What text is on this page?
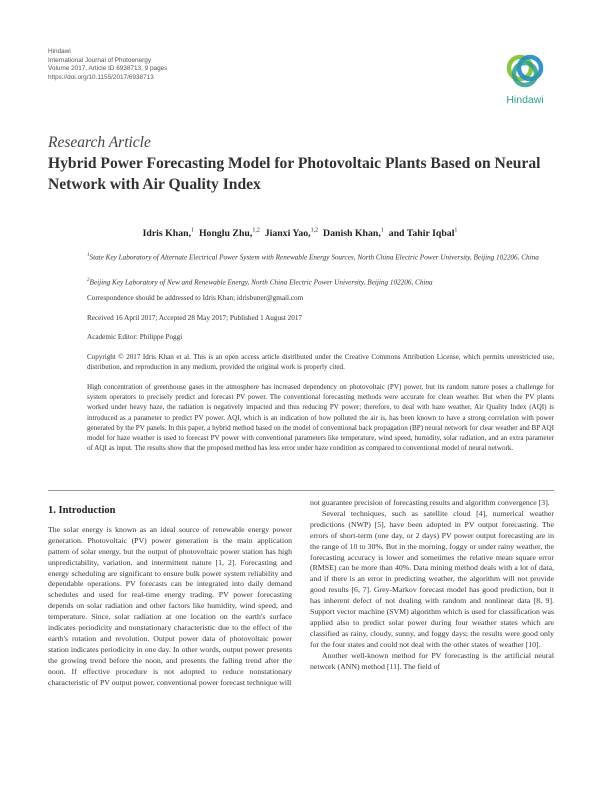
Hindawi
International Journal of Photoenergy
Volume 2017, Article ID 6938713, 9 pages
https://doi.org/10.1155/2017/6938713
Hindawi
Research Article
Hybrid Power Forecasting Model for Photovoltaic Plants Based on Neural Network with Air Quality Index
Idris Khan,$^1$ Honglu Zhu,$^{1,2}$ Jianxi Yao,$^{1,2}$ Danish Khan,$^1$ and Tahir Iqbal$^1$
$^1$State Key Laboratory of Alternate Electrical Power System with Renewable Energy Sources, North China Electric Power University, Beijing 102206, China
$^2$Beijing Key Laboratory of New and Renewable Energy, North China Electric Power University, Beijing 102206, China
Correspondence should be addressed to Idris Khan; idrisbuner@gmail.com
Received 16 April 2017; Accepted 28 May 2017; Published 1 August 2017
Academic Editor: Philippe Poggi
Copyright © 2017 Idris Khan et al. This is an open access article distributed under the Creative Commons Attribution License, which permits unrestricted use, distribution, and reproduction in any medium, provided the original work is properly cited.
High concentration of greenhouse gases in the atmosphere has increased dependency on photovoltaic (PV) power, but its random nature poses a challenge for system operators to precisely predict and forecast PV power. The conventional forecasting methods were accurate for clean weather. But when the PV plants worked under heavy haze, the radiation is negatively impacted and thus reducing PV power; therefore, to deal with haze weather, Air Quality Index (AQI) is introduced as a parameter to predict PV power. AQI, which is an indication of how polluted the air is, has been known to have a strong correlation with power generated by the PV panels. In this paper, a hybrid method based on the model of conventional back propagation (BP) neural network for clear weather and BP AQI model for haze weather is used to forecast PV power with conventional parameters like temperature, wind speed, humidity, solar radiation, and an extra parameter of AQI as input. The results show that the proposed method has less error under haze condition as compared to conventional model of neural network.
1. Introduction

The solar energy is known as an ideal source of renewable energy power generation. Photovoltaic (PV) power generation is the main application pattern of solar energy, but the output of photovoltaic power station has high unpredictability, variation, and intermittent nature [1, 2]. Forecasting and energy scheduling are significant to ensure bulk power system reliability and dependable operations. PV forecasts can be integrated into daily demand schedules and used for real-time energy trading. PV power forecasting depends on solar radiation and other factors like humidity, wind speed, and temperature. Since, solar radiation at one location on the earth's surface indicates periodicity and nonstationary characteristic due to the effect of the earth's rotation and revolution. Output power data of photovoltaic power station indicates periodicity in one day. In other words, output power presents the growing trend before the noon, and presents the falling trend after the noon. If effective procedure is not adopted to reduce nonstationary characteristic of PV output power, conventional power forecast technique will

not guarantee precision of forecasting results and algorithm convergence [3].

Several techniques, such as satellite cloud [4], numerical weather predictions (NWP) [5], have been adopted in PV output forecasting. The errors of short-term (one day, or 2 days) PV power output forecasting are in the range of 10 to 30%. But in the morning, foggy or under rainy weather, the forecasting accuracy is lower and sometimes the relative mean square error (RMSE) can be more than 40%. Data mining method deals with a lot of data, and if there is an error in predicting weather, the algorithm will not provide good results [6, 7]. Grey-Markov forecast model has good prediction, but it has inherent defect of not dealing with random and nonlinear data [8, 9]. Support vector machine (SVM) algorithm which is used for classification was applied also to predict solar power during four weather states which are classified as rainy, cloudy, sunny, and foggy days; the results were good only for the four states and could not deal with the other states of weather [10].

Another well-known method for PV forecasting is the artificial neural network (ANN) method [11]. The field of
